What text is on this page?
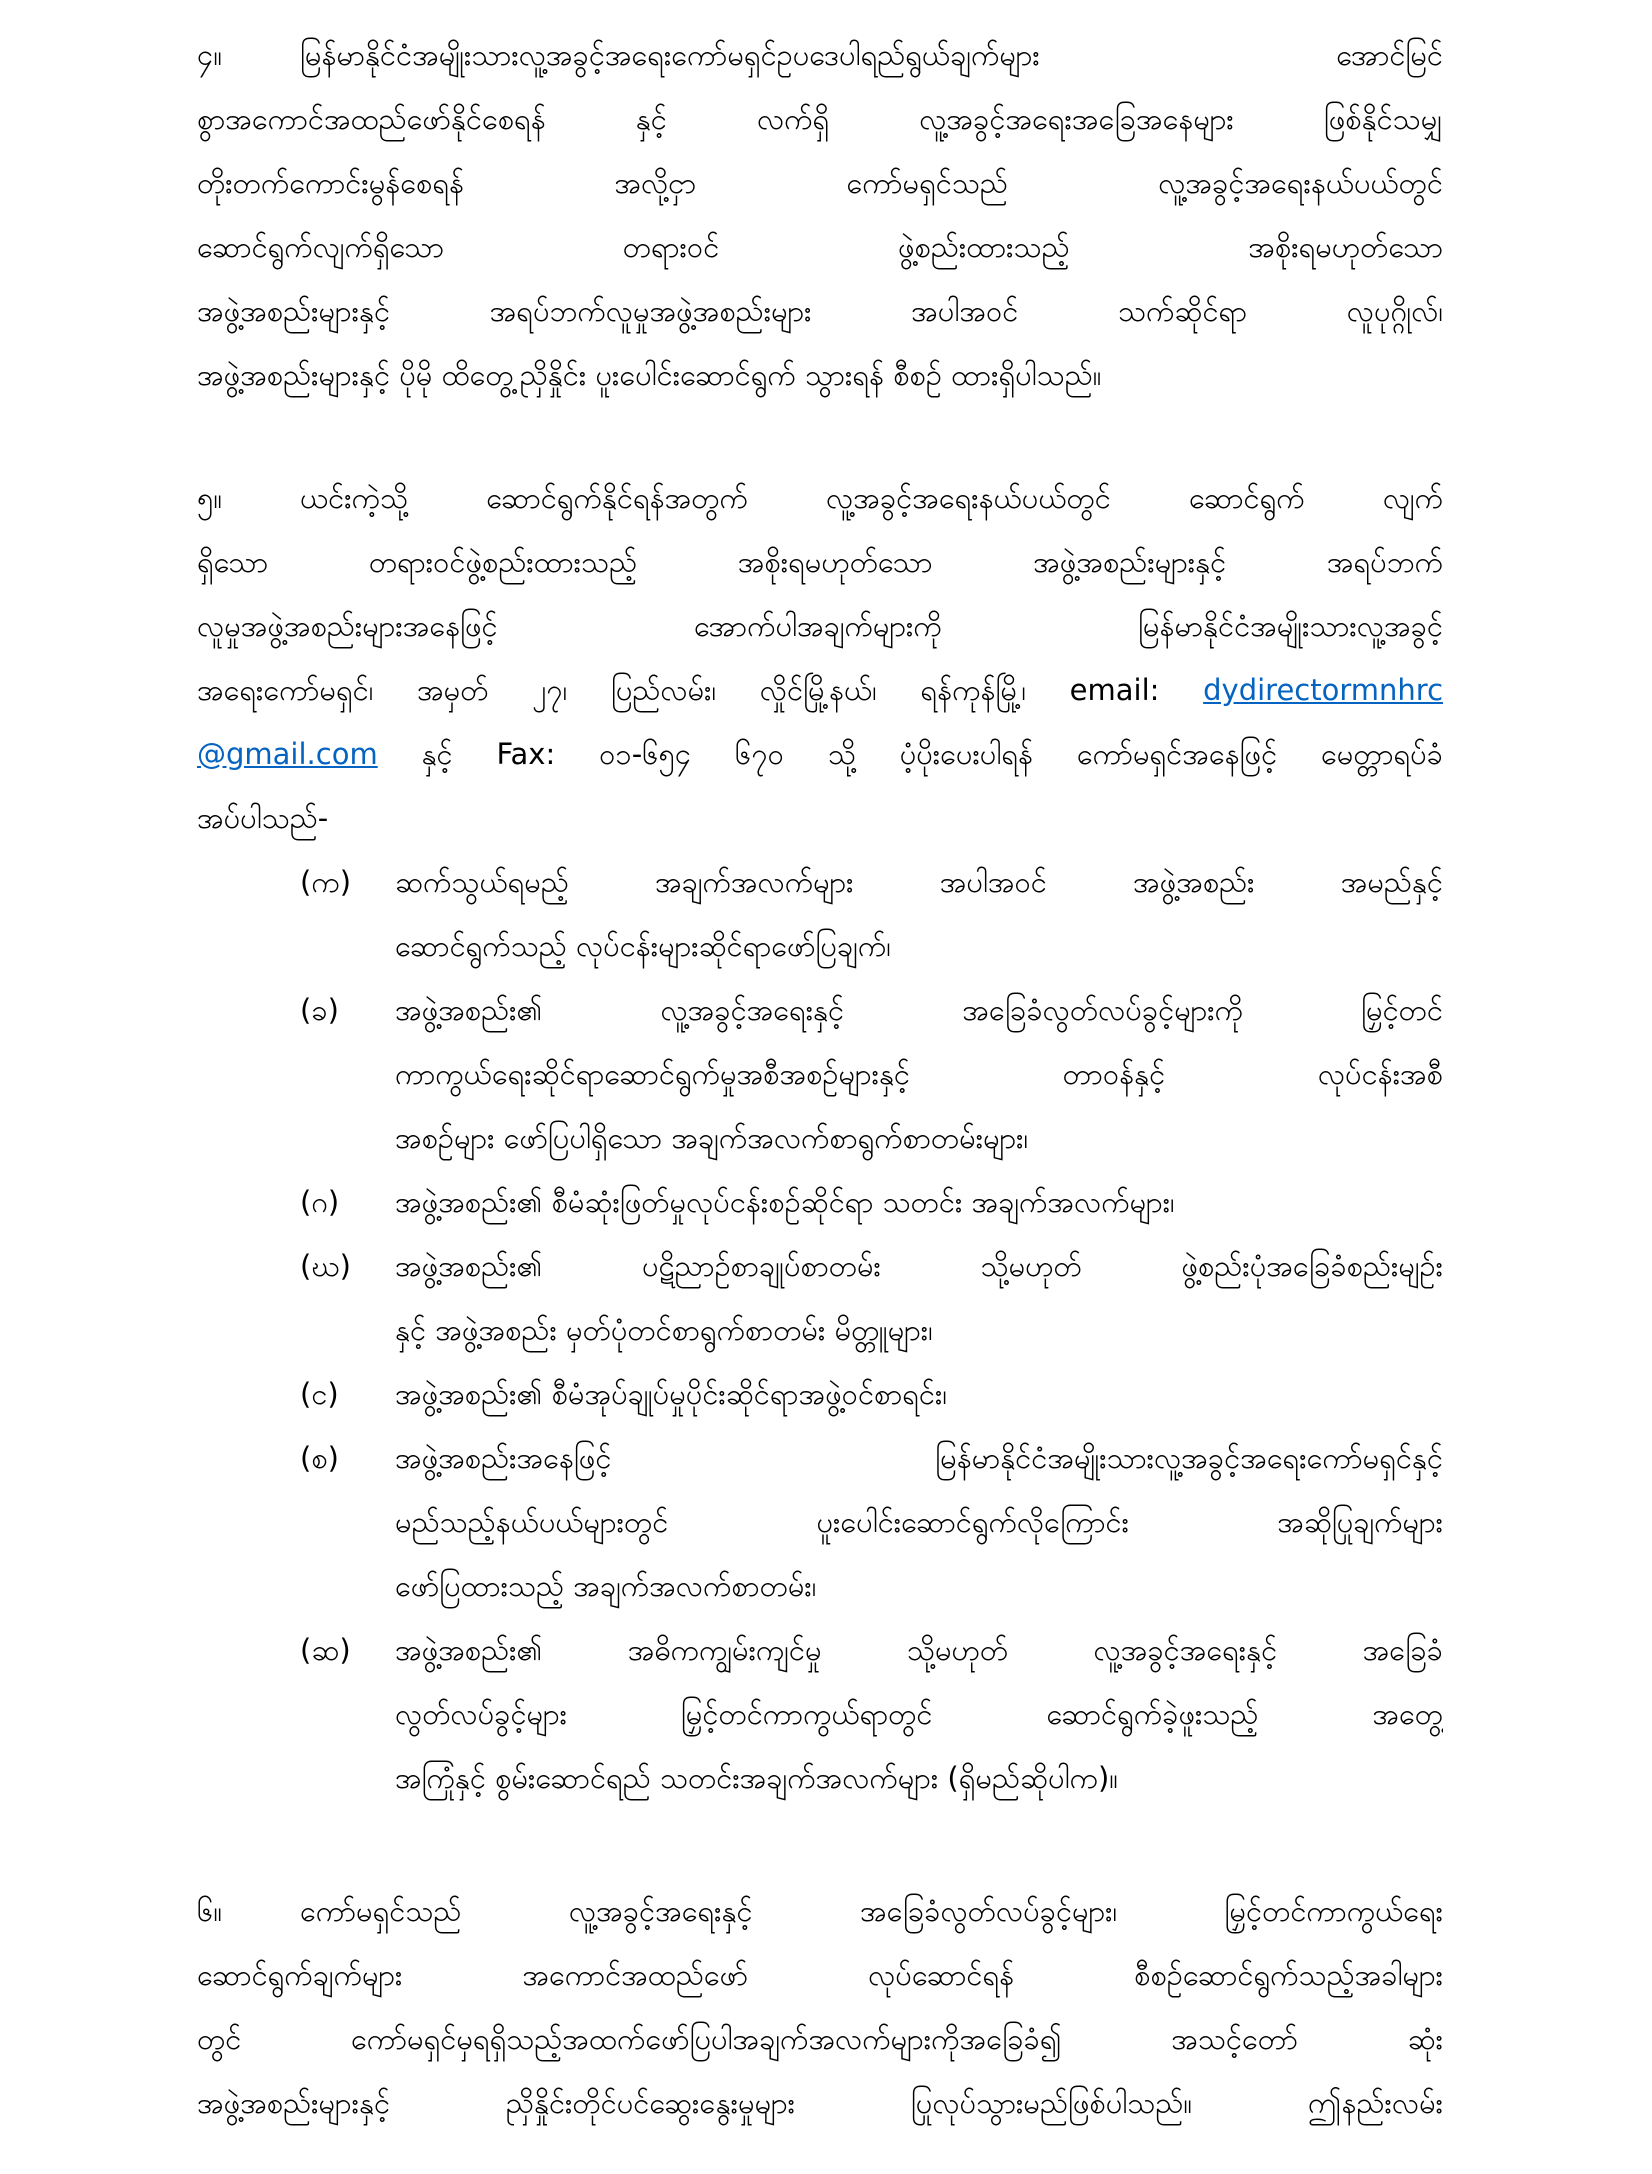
၄။	မြန်မာနိုင်ငံအမျိုးသားလူ့အခွင့်အရေးကော်မရှင်ဥပဒေပါရည်ရွယ်ချက်များ အောင်မြင်
စွာအကောင်အထည်ဖော်နိုင်စေရန် နှင့် လက်ရှိ လူ့အခွင့်အရေးအခြေအနေများ ဖြစ်နိုင်သမျှ
တိုးတက်ကောင်းမွန်စေရန် အလို့ငှာ ကော်မရှင်သည် လူ့အခွင့်အရေးနယ်ပယ်တွင်
ဆောင်ရွက်လျက်ရှိသော တရားဝင် ဖွဲ့စည်းထားသည့် အစိုးရမဟုတ်သော
အဖွဲ့အစည်းများနှင့် အရပ်ဘက်လူမှုအဖွဲ့အစည်းများ အပါအဝင် သက်ဆိုင်ရာ လူပုဂ္ဂိုလ်၊
အဖွဲ့အစည်းများနှင့် ပိုမို ထိတွေ့ညှိနှိုင်း ပူးပေါင်းဆောင်ရွက် သွားရန် စီစဉ် ထားရှိပါသည်။
၅။	ယင်းကဲ့သို့ ဆောင်ရွက်နိုင်ရန်အတွက် လူ့အခွင့်အရေးနယ်ပယ်တွင် ဆောင်ရွက် လျက်
ရှိသော တရားဝင်ဖွဲ့စည်းထားသည့် အစိုးရမဟုတ်သော အဖွဲ့အစည်းများနှင့် အရပ်ဘက်
လူမှုအဖွဲ့အစည်းများအနေဖြင့် အောက်ပါအချက်များကို မြန်မာနိုင်ငံအမျိုးသားလူ့အခွင့်
အရေးကော်မရှင်၊ အမှတ် ၂၇၊ ပြည်လမ်း၊ လှိုင်မြို့နယ်၊ ရန်ကုန်မြို့၊ email: dydirectormnhrc
@gmail.com နှင့် Fax: ၀၁-၆၅၄ ၆၇၀ သို့ ပံ့ပိုးပေးပါရန် ကော်မရှင်အနေဖြင့် မေတ္တာရပ်ခံ
အပ်ပါသည်-
(က) ဆက်သွယ်ရမည့် အချက်အလက်များ အပါအဝင် အဖွဲ့အစည်း အမည်နှင့်
ဆောင်ရွက်သည့် လုပ်ငန်းများဆိုင်ရာဖော်ပြချက်၊
(ခ) အဖွဲ့အစည်း၏ လူ့အခွင့်အရေးနှင့် အခြေခံလွတ်လပ်ခွင့်များကို မြှင့်တင်
ကာကွယ်ရေးဆိုင်ရာဆောင်ရွက်မှုအစီအစဉ်များနှင့် တာဝန်နှင့် လုပ်ငန်းအစီ
အစဉ်များ ဖော်ပြပါရှိသော အချက်အလက်စာရွက်စာတမ်းများ၊
(ဂ) အဖွဲ့အစည်း၏ စီမံဆုံးဖြတ်မှုလုပ်ငန်းစဉ်ဆိုင်ရာ သတင်း အချက်အလက်များ၊
(ဃ) အဖွဲ့အစည်း၏ ပဋိညာဉ်စာချုပ်စာတမ်း သို့မဟုတ် ဖွဲ့စည်းပုံအခြေခံစည်းမျဉ်း
နှင့် အဖွဲ့အစည်း မှတ်ပုံတင်စာရွက်စာတမ်း မိတ္တူများ၊
(င) အဖွဲ့အစည်း၏ စီမံအုပ်ချုပ်မှုပိုင်းဆိုင်ရာအဖွဲ့ဝင်စာရင်း၊
(စ) အဖွဲ့အစည်းအနေဖြင့် မြန်မာနိုင်ငံအမျိုးသားလူ့အခွင့်အရေးကော်မရှင်နှင့်
မည်သည့်နယ်ပယ်များတွင် ပူးပေါင်းဆောင်ရွက်လိုကြောင်း အဆိုပြုချက်များ
ဖော်ပြထားသည့် အချက်အလက်စာတမ်း၊
(ဆ) အဖွဲ့အစည်း၏ အဓိကကျွမ်းကျင်မှု သို့မဟုတ် လူ့အခွင့်အရေးနှင့် အခြေခံ
လွတ်လပ်ခွင့်များ မြှင့်တင်ကာကွယ်ရာတွင် ဆောင်ရွက်ခဲ့ဖူးသည့် အတွေ့
အကြုံနှင့် စွမ်းဆောင်ရည် သတင်းအချက်အလက်များ (ရှိမည်ဆိုပါက)။
၆။	ကော်မရှင်သည် လူ့အခွင့်အရေးနှင့် အခြေခံလွတ်လပ်ခွင့်များ၊ မြှင့်တင်ကာကွယ်ရေး
ဆောင်ရွက်ချက်များ အကောင်အထည်ဖော် လုပ်ဆောင်ရန် စီစဉ်ဆောင်ရွက်သည့်အခါများ
တွင် ကော်မရှင်မှရရှိသည့်အထက်ဖော်ပြပါအချက်အလက်များကိုအခြေခံ၍ အသင့်တော် ဆုံး
အဖွဲ့အစည်းများနှင့် ညှိနှိုင်းတိုင်ပင်ဆွေးနွေးမှုများ ပြုလုပ်သွားမည်ဖြစ်ပါသည်။ ဤနည်းလမ်း
